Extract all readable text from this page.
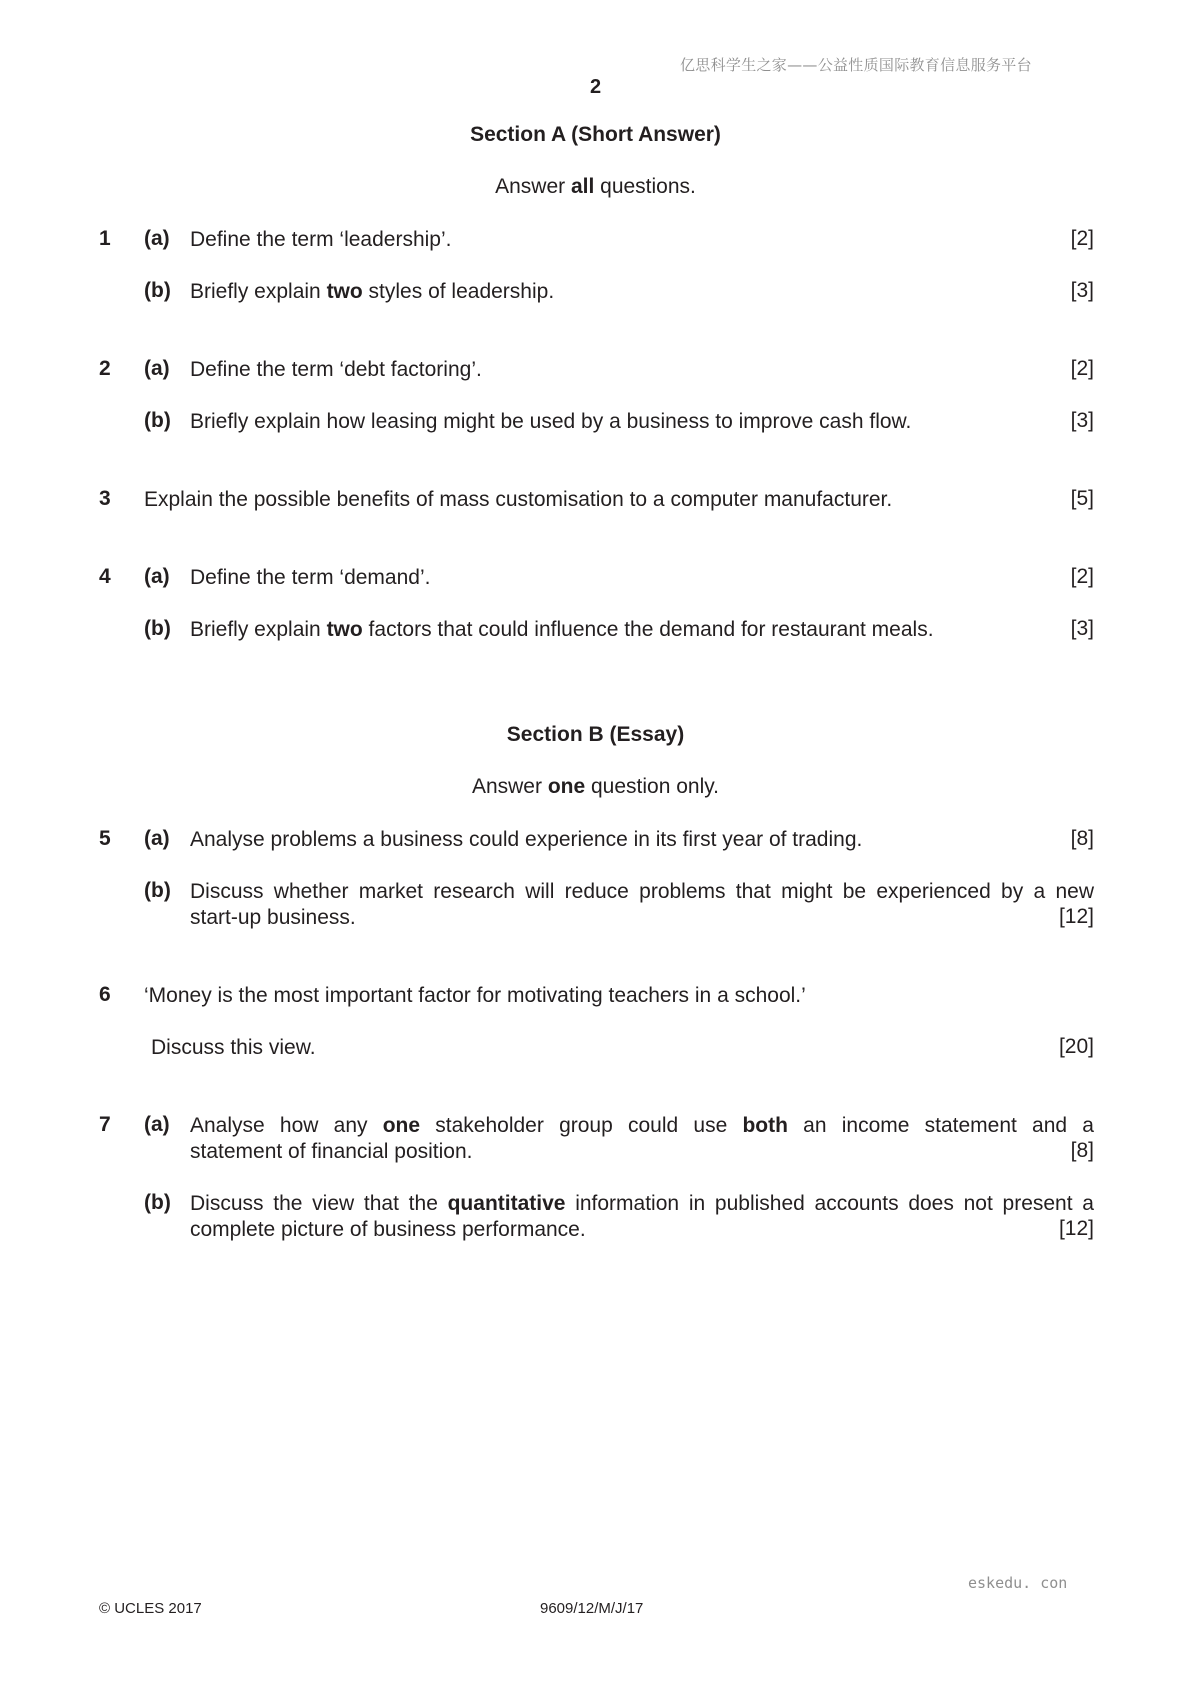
亿思科学生之家——公益性质国际教育信息服务平台
2
Section A (Short Answer)
Answer all questions.
1 (a) Define the term ‘leadership’.	[2]
(b) Briefly explain two styles of leadership.	[3]
2 (a) Define the term ‘debt factoring’.	[2]
(b) Briefly explain how leasing might be used by a business to improve cash flow.	[3]
3 Explain the possible benefits of mass customisation to a computer manufacturer.	[5]
4 (a) Define the term ‘demand’.	[2]
(b) Briefly explain two factors that could influence the demand for restaurant meals.	[3]
Section B (Essay)
Answer one question only.
5 (a) Analyse problems a business could experience in its first year of trading.	[8]
(b) Discuss whether market research will reduce problems that might be experienced by a new
start-up business.	[12]
6 ‘Money is the most important factor for motivating teachers in a school.’
Discuss this view.	[20]
7 (a) Analyse how any one stakeholder group could use both an income statement and a
statement of financial position.	[8]
(b) Discuss the view that the quantitative information in published accounts does not present a
complete picture of business performance.	[12]
eskedu. con
© UCLES 2017	9609/12/M/J/17
